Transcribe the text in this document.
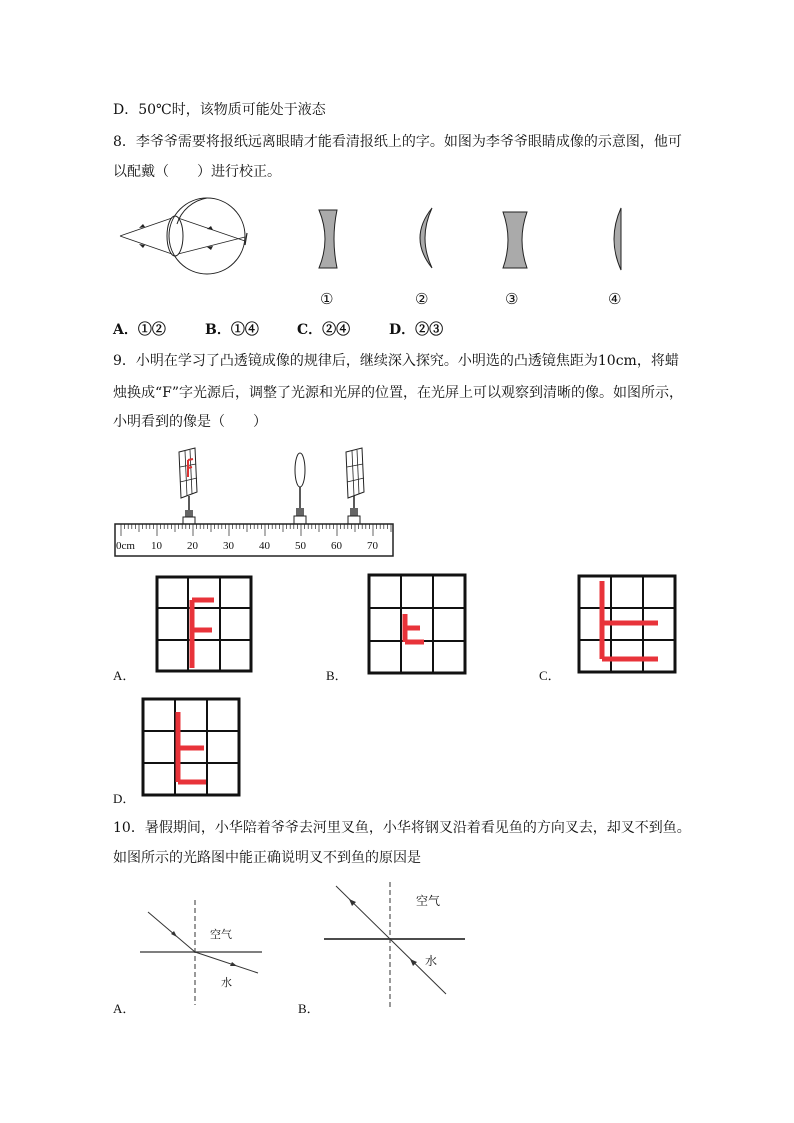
D．50℃时，该物质可能处于液态
8．李爷爷需要将报纸远离眼睛才能看清报纸上的字。如图为李爷爷眼睛成像的示意图，他可
以配戴（　　）进行校正。
①	②	③	④
A．①②	B．①④	C．②④	D．②③
9．小明在学习了凸透镜成像的规律后，继续深入探究。小明选的凸透镜焦距为10cm，将蜡
烛换成“F”字光源后，调整了光源和光屏的位置，在光屏上可以观察到清晰的像。如图所示，
小明看到的像是（　　）
0cm 10 20 30 40 50 60 70
A．	B．	C．
D．
10．暑假期间，小华陪着爷爷去河里叉鱼，小华将钢叉沿着看见鱼的方向叉去，却叉不到鱼。
如图所示的光路图中能正确说明叉不到鱼的原因是
空气
水
A．
空气
水
B．
